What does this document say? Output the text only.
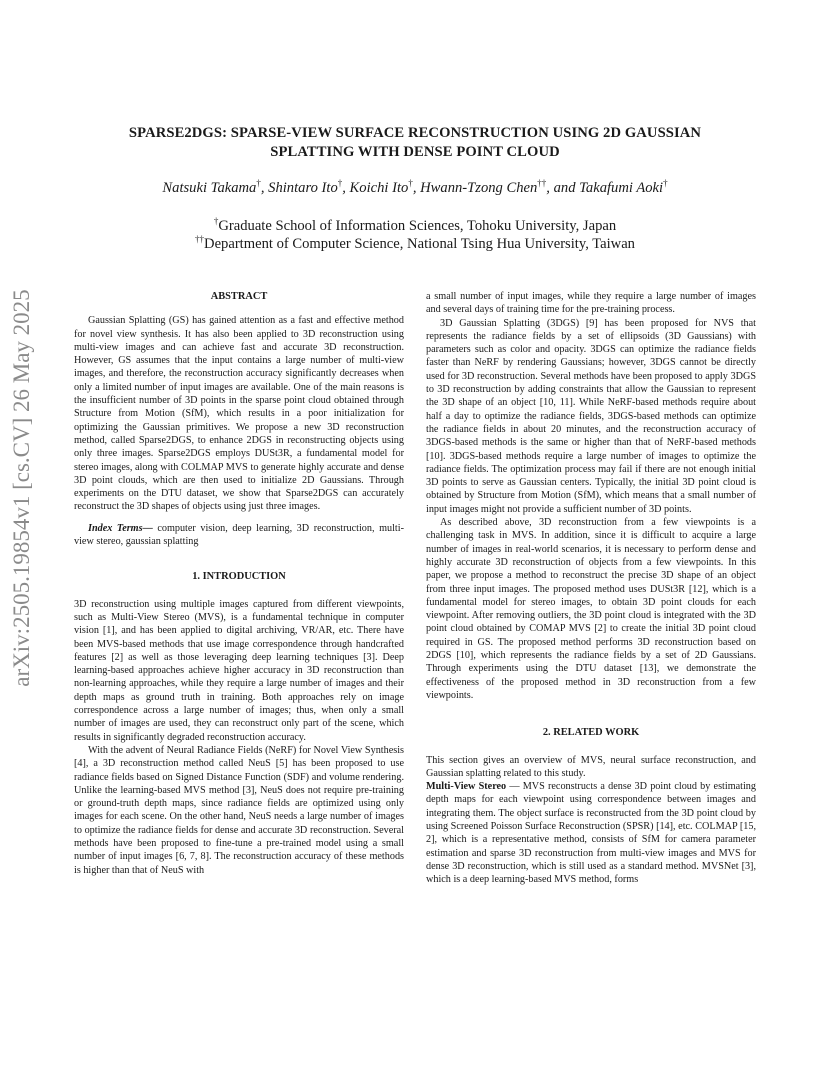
arXiv:2505.19854v1 [cs.CV] 26 May 2025
SPARSE2DGS: SPARSE-VIEW SURFACE RECONSTRUCTION USING 2D GAUSSIAN
SPLATTING WITH DENSE POINT CLOUD
Natsuki Takama†, Shintaro Ito†, Koichi Ito†, Hwann-Tzong Chen††, and Takafumi Aoki†
†Graduate School of Information Sciences, Tohoku University, Japan
††Department of Computer Science, National Tsing Hua University, Taiwan

ABSTRACT

Gaussian Splatting (GS) has gained attention as a fast and effective method for novel view synthesis. It has also been applied to 3D reconstruction using multi-view images and can achieve fast and accurate 3D reconstruction. However, GS assumes that the input contains a large number of multi-view images, and therefore, the reconstruction accuracy significantly decreases when only a limited number of input images are available. One of the main reasons is the insufficient number of 3D points in the sparse point cloud obtained through Structure from Motion (SfM), which results in a poor initialization for optimizing the Gaussian primitives. We propose a new 3D reconstruction method, called Sparse2DGS, to enhance 2DGS in reconstructing objects using only three images. Sparse2DGS employs DUSt3R, a fundamental model for stereo images, along with COLMAP MVS to generate highly accurate and dense 3D point clouds, which are then used to initialize 2D Gaussians. Through experiments on the DTU dataset, we show that Sparse2DGS can accurately reconstruct the 3D shapes of objects using just three images.

Index Terms— computer vision, deep learning, 3D reconstruction, multi-view stereo, gaussian splatting

1. INTRODUCTION

3D reconstruction using multiple images captured from different viewpoints, such as Multi-View Stereo (MVS), is a fundamental technique in computer vision [1], and has been applied to digital archiving, VR/AR, etc. There have been MVS-based methods that use image correspondence through handcrafted features [2] as well as those leveraging deep learning techniques [3]. Deep learning-based approaches achieve higher accuracy in 3D reconstruction than non-learning approaches, while they require a large number of images and their depth maps as ground truth in training. Both approaches rely on image correspondence across a large number of images; thus, when only a small number of images are used, they can reconstruct only part of the scene, which results in significantly degraded reconstruction accuracy.

With the advent of Neural Radiance Fields (NeRF) for Novel View Synthesis [4], a 3D reconstruction method called NeuS [5] has been proposed to use radiance fields based on Signed Distance Function (SDF) and volume rendering. Unlike the learning-based MVS method [3], NeuS does not require pre-training or ground-truth depth maps, since radiance fields are optimized using only images for each scene. On the other hand, NeuS needs a large number of images to optimize the radiance fields for dense and accurate 3D reconstruction. Several methods have been proposed to fine-tune a pre-trained model using a small number of input images [6, 7, 8]. The reconstruction accuracy of these methods is higher than that of NeuS with

a small number of input images, while they require a large number of images and several days of training time for the pre-training process.

3D Gaussian Splatting (3DGS) [9] has been proposed for NVS that represents the radiance fields by a set of ellipsoids (3D Gaussians) with parameters such as color and opacity. 3DGS can optimize the radiance fields faster than NeRF by rendering Gaussians; however, 3DGS cannot be directly used for 3D reconstruction. Several methods have been proposed to apply 3DGS to 3D reconstruction by adding constraints that allow the Gaussian to represent the 3D shape of an object [10, 11]. While NeRF-based methods require about half a day to optimize the radiance fields, 3DGS-based methods can optimize the radiance fields in about 20 minutes, and the reconstruction accuracy of 3DGS-based methods is the same or higher than that of NeRF-based methods [10]. 3DGS-based methods require a large number of images to optimize the radiance fields. The optimization process may fail if there are not enough initial 3D points to serve as Gaussian centers. Typically, the initial 3D point cloud is obtained by Structure from Motion (SfM), which means that a small number of input images might not provide a sufficient number of 3D points.

As described above, 3D reconstruction from a few viewpoints is a challenging task in MVS. In addition, since it is difficult to acquire a large number of images in real-world scenarios, it is necessary to perform dense and highly accurate 3D reconstruction of objects from a few viewpoints. In this paper, we propose a method to reconstruct the precise 3D shape of an object from three input images. The proposed method uses DUSt3R [12], which is a fundamental model for stereo images, to obtain 3D point clouds for each viewpoint. After removing outliers, the 3D point cloud is integrated with the 3D point cloud obtained by COMAP MVS [2] to create the initial 3D point cloud required in GS. The proposed method performs 3D reconstruction based on 2DGS [10], which represents the radiance fields by a set of 2D Gaussians. Through experiments using the DTU dataset [13], we demonstrate the effectiveness of the proposed method in 3D reconstruction from a few viewpoints.

2. RELATED WORK

This section gives an overview of MVS, neural surface reconstruction, and Gaussian splatting related to this study.

Multi-View Stereo — MVS reconstructs a dense 3D point cloud by estimating depth maps for each viewpoint using correspondence between images and integrating them. The object surface is reconstructed from the 3D point cloud by using Screened Poisson Surface Reconstruction (SPSR) [14], etc. COLMAP [15, 2], which is a representative method, consists of SfM for camera parameter estimation and sparse 3D reconstruction from multi-view images and MVS for dense 3D reconstruction, which is still used as a standard method. MVSNet [3], which is a deep learning-based MVS method, forms
